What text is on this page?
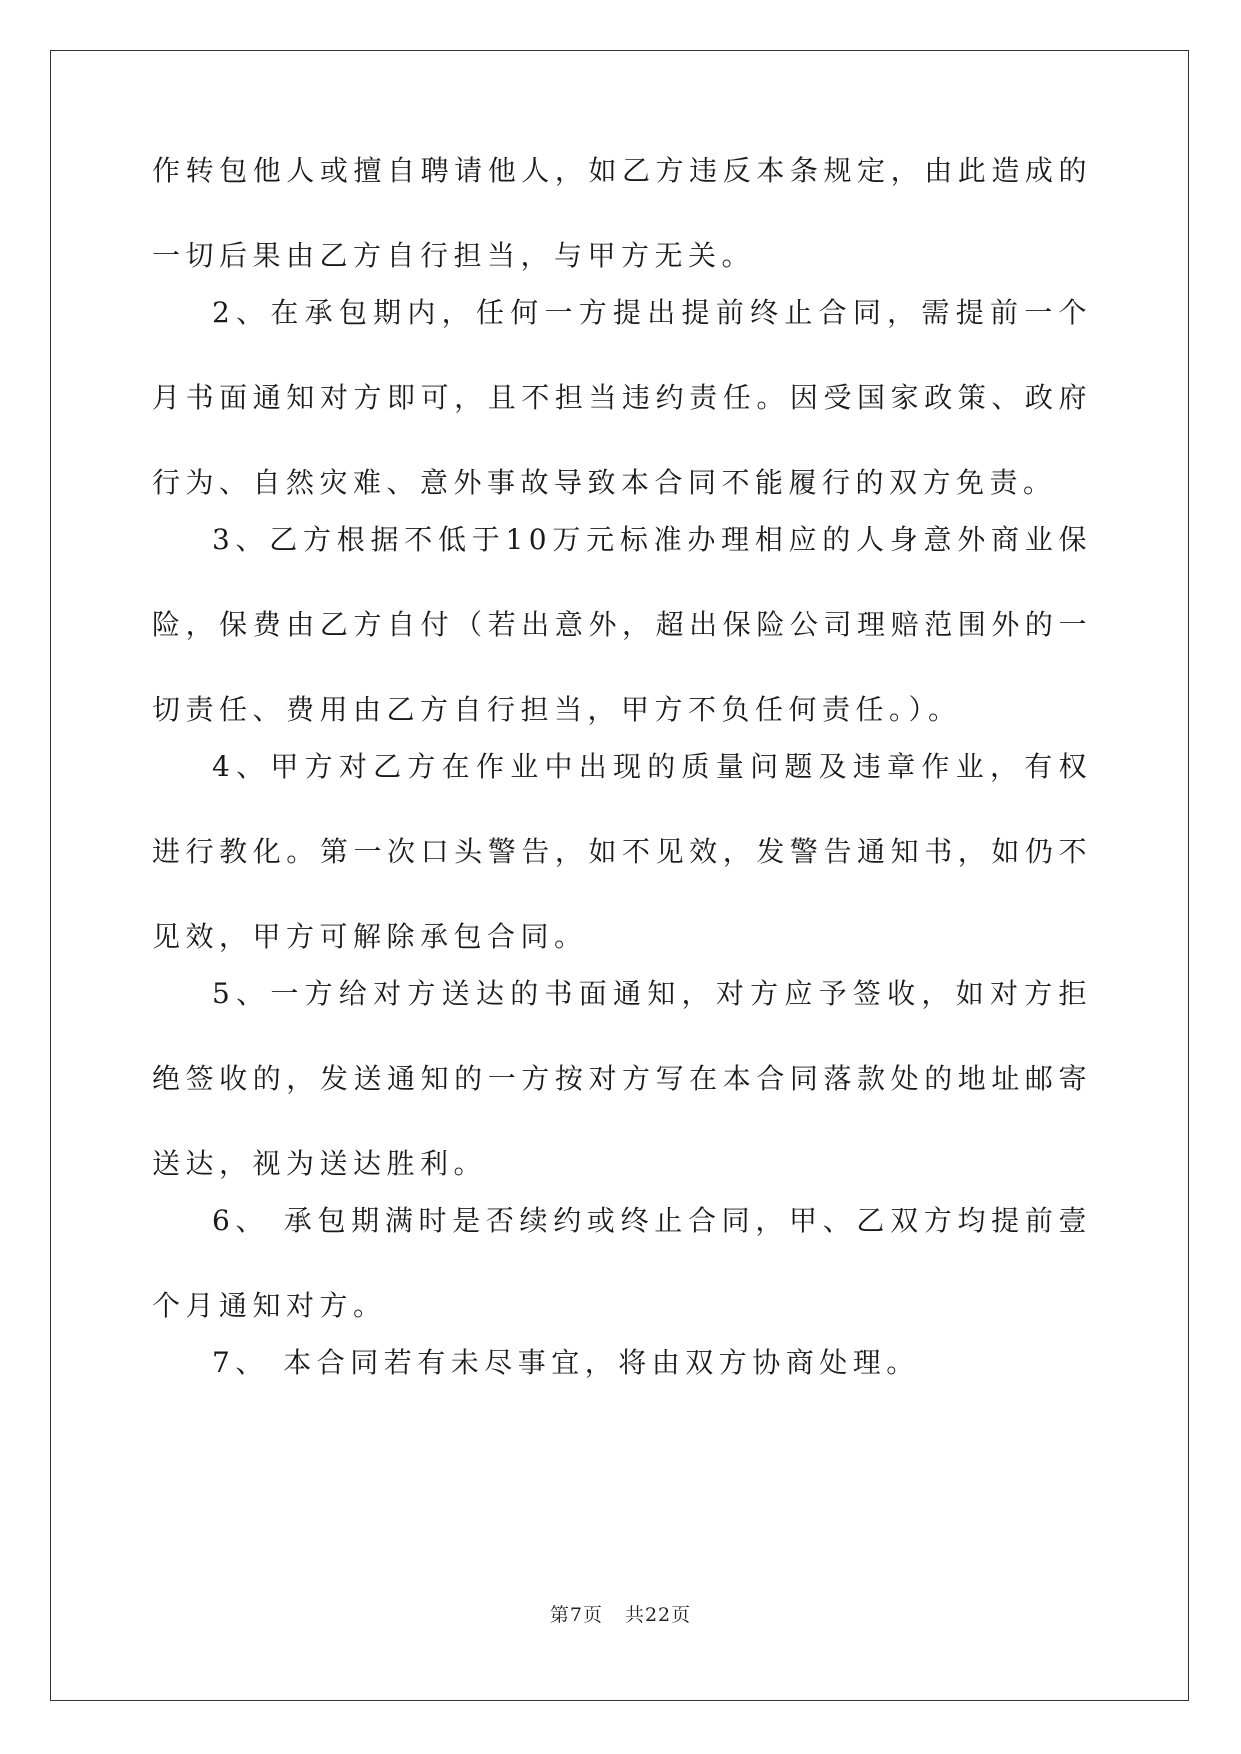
作转包他人或擅自聘请他人，如乙方违反本条规定，由此造成的一切后果由乙方自行担当，与甲方无关。

2、在承包期内，任何一方提出提前终止合同，需提前一个月书面通知对方即可，且不担当违约责任。因受国家政策、政府行为、自然灾难、意外事故导致本合同不能履行的双方免责。

3、乙方根据不低于10万元标准办理相应的人身意外商业保险，保费由乙方自付（若出意外，超出保险公司理赔范围外的一切责任、费用由乙方自行担当，甲方不负任何责任。）。

4、甲方对乙方在作业中出现的质量问题及违章作业，有权进行教化。第一次口头警告，如不见效，发警告通知书，如仍不见效，甲方可解除承包合同。

5、一方给对方送达的书面通知，对方应予签收，如对方拒绝签收的，发送通知的一方按对方写在本合同落款处的地址邮寄送达，视为送达胜利。

6、 承包期满时是否续约或终止合同，甲、乙双方均提前壹个月通知对方。

7、 本合同若有未尽事宜，将由双方协商处理。

第7页 共22页
